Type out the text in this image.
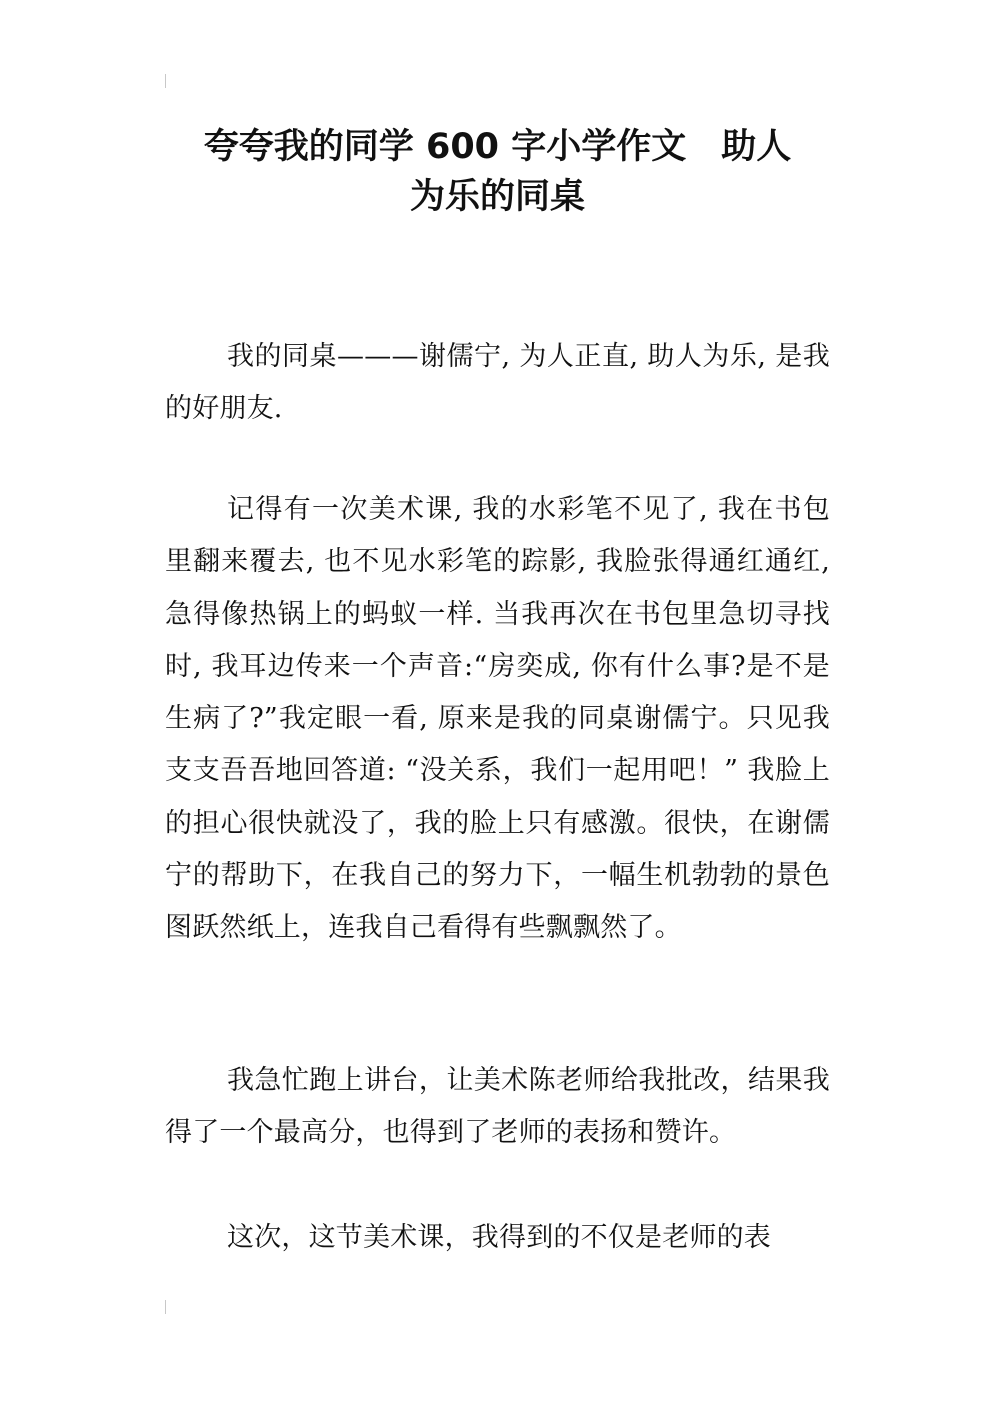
夸夸我的同学 600 字小学作文　助人
为乐的同桌

我的同桌———谢儒宁, 为人正直, 助人为乐, 是我的好朋友.

记得有一次美术课, 我的水彩笔不见了, 我在书包里翻来覆去, 也不见水彩笔的踪影, 我脸张得通红通红, 急得像热锅上的蚂蚁一样. 当我再次在书包里急切寻找时, 我耳边传来一个声音:“房奕成, 你有什么事?是不是生病了?”我定眼一看, 原来是我的同桌谢儒宁。只见我支支吾吾地回答道: “没关系，我们一起用吧！” 我脸上的担心很快就没了，我的脸上只有感激。很快，在谢儒宁的帮助下，在我自己的努力下，一幅生机勃勃的景色图跃然纸上，连我自己看得有些飘飘然了。

我急忙跑上讲台，让美术陈老师给我批改，结果我得了一个最高分，也得到了老师的表扬和赞许。

这次，这节美术课，我得到的不仅是老师的表
